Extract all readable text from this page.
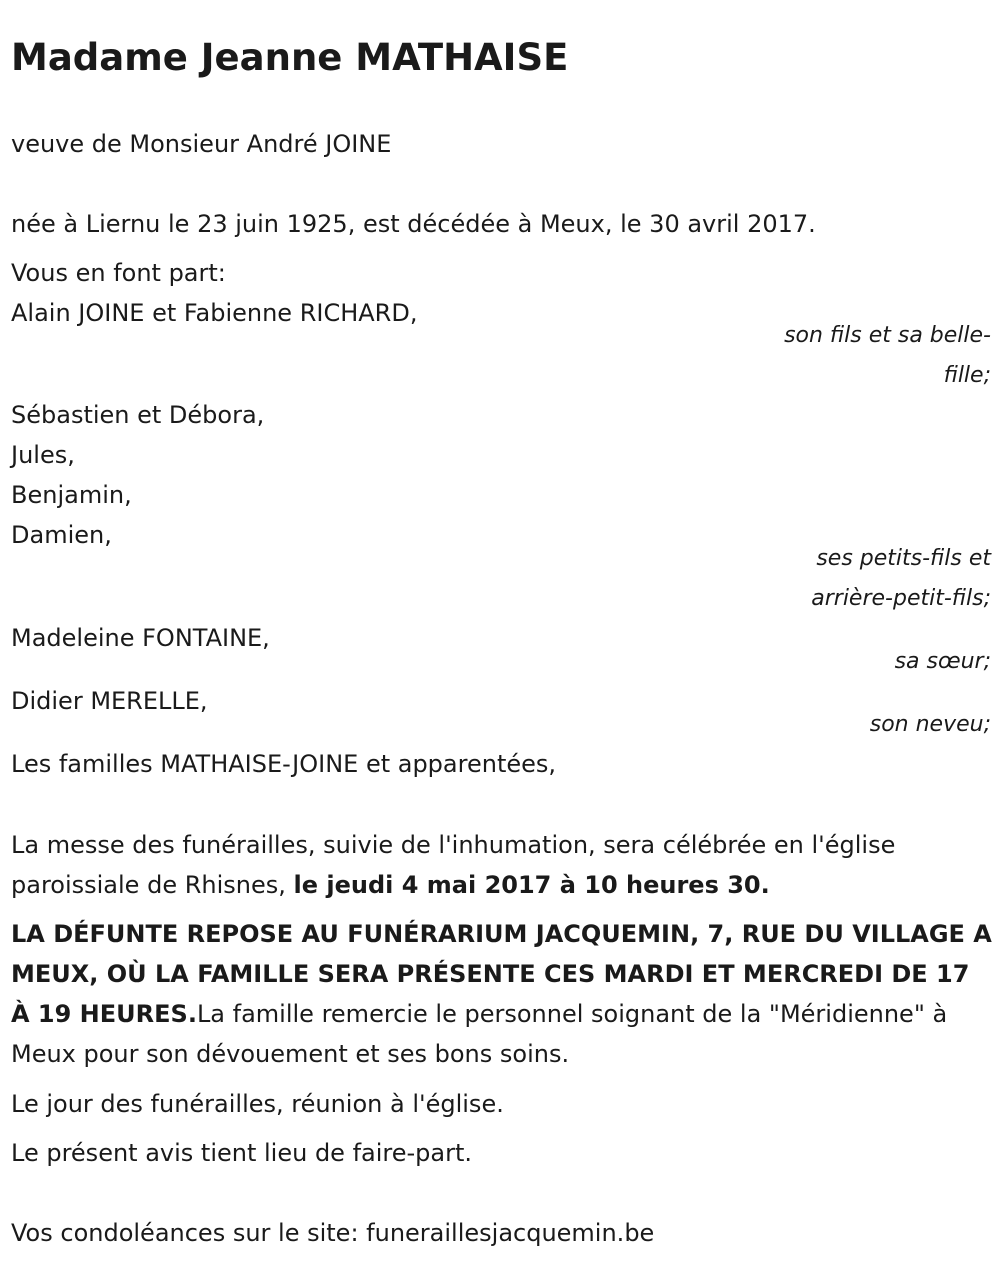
Madame Jeanne MATHAISE

veuve de Monsieur André JOINE

née à Liernu le 23 juin 1925, est décédée à Meux, le 30 avril 2017.

Vous en font part:

Alain JOINE et Fabienne RICHARD,

son fils et sa belle-

fille;

Sébastien et Débora,

Jules,

Benjamin,

Damien,

ses petits-fils et

arrière-petit-fils;

Madeleine FONTAINE,

sa sœur;

Didier MERELLE,

son neveu;

Les familles MATHAISE-JOINE et apparentées,

La messe des funérailles, suivie de l'inhumation, sera célébrée en l'église paroissiale de Rhisnes, le jeudi 4 mai 2017 à 10 heures 30.

LA DÉFUNTE REPOSE AU FUNÉRARIUM JACQUEMIN, 7, RUE DU VILLAGE A MEUX, OÙ LA FAMILLE SERA PRÉSENTE CES MARDI ET MERCREDI DE 17 À 19 HEURES.La famille remercie le personnel soignant de la "Méridienne" à Meux pour son dévouement et ses bons soins.

Le jour des funérailles, réunion à l'église.

Le présent avis tient lieu de faire-part.

Vos condoléances sur le site: funeraillesjacquemin.be
